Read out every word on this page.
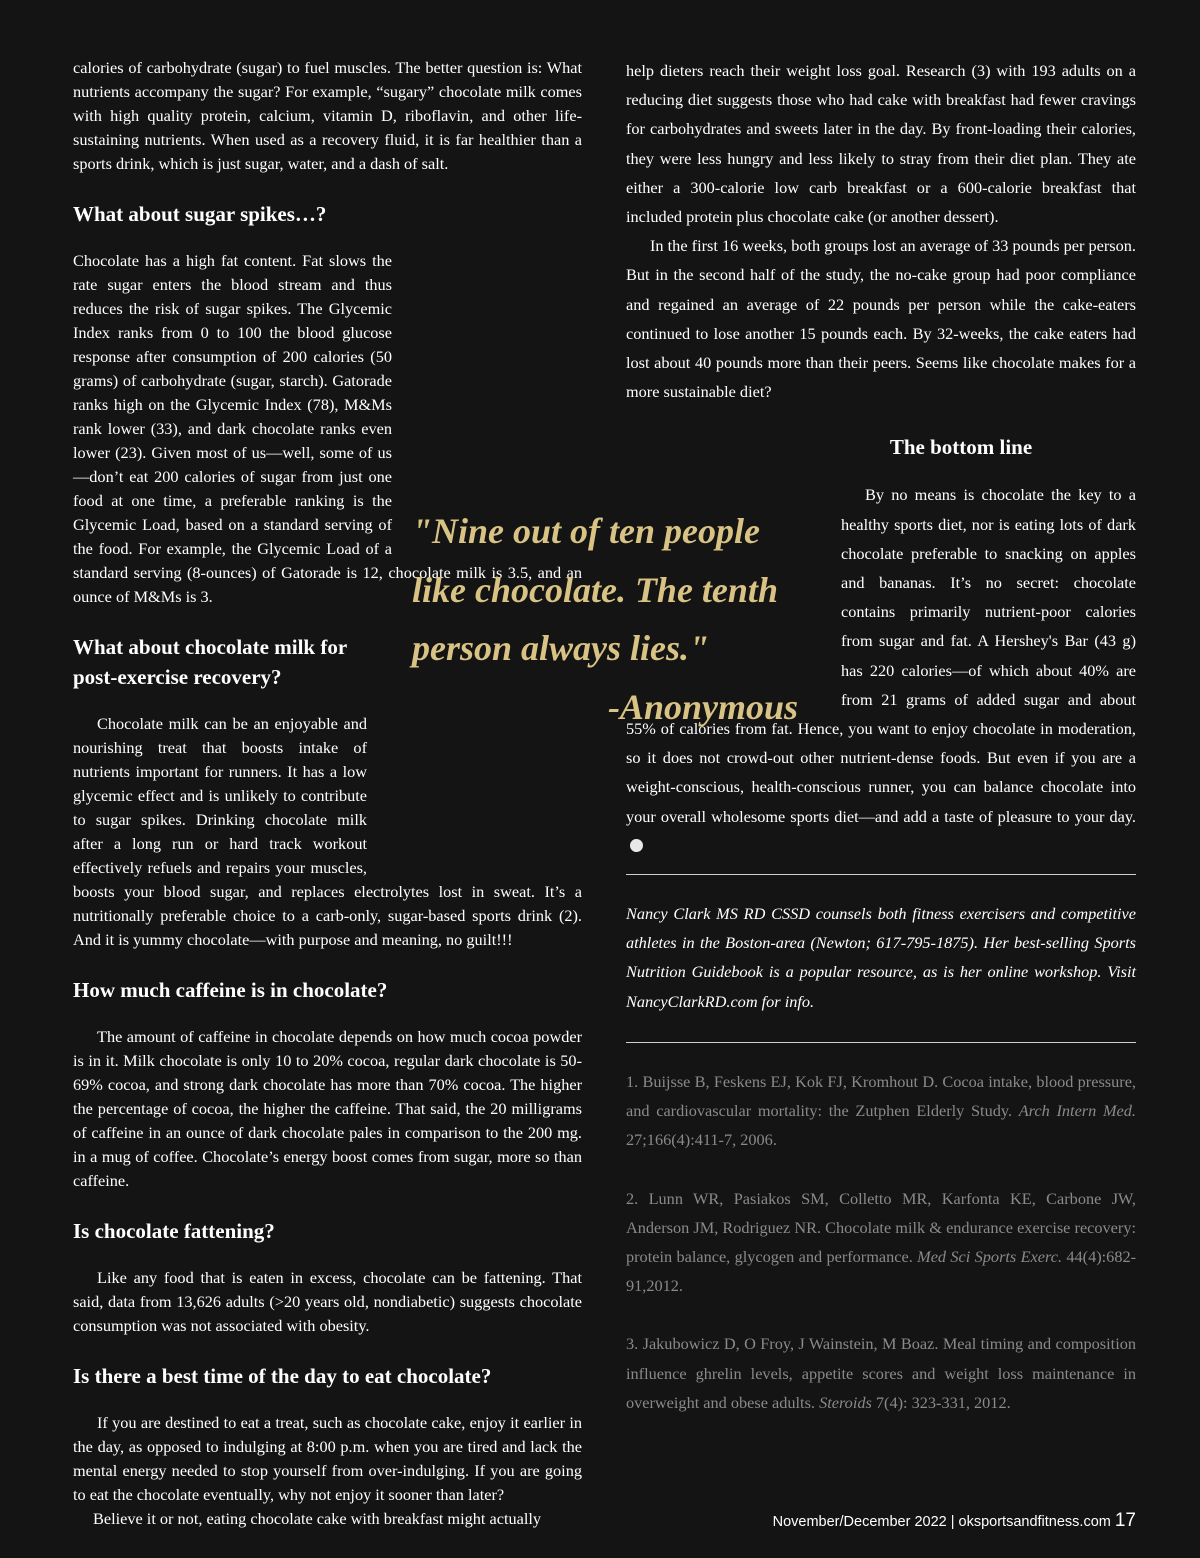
calories of carbohydrate (sugar) to fuel muscles. The better question is: What nutrients accompany the sugar? For example, “sugary” chocolate milk comes with high quality protein, calcium, vitamin D, riboflavin, and other life-sustaining nutrients. When used as a recovery fluid, it is far healthier than a sports drink, which is just sugar, water, and a dash of salt.

What about sugar spikes…?

Chocolate has a high fat content. Fat slows the rate sugar enters the blood stream and thus reduces the risk of sugar spikes. The Glycemic Index ranks from 0 to 100 the blood glucose response after consumption of 200 calories (50 grams) of carbohydrate (sugar, starch). Gatorade ranks high on the Glycemic Index (78), M&Ms rank lower (33), and dark chocolate ranks even lower (23). Given most of us—well, some of us—don’t eat 200 calories of sugar from just one food at one time, a preferable ranking is the Glycemic Load, based on a standard serving of the food. For example, the Glycemic Load of a standard serving (8-ounces) of Gatorade is 12, chocolate milk is 3.5, and an ounce of M&Ms is 3.

What about chocolate milk for post-exercise recovery?

Chocolate milk can be an enjoyable and nourishing treat that boosts intake of nutrients important for runners. It has a low glycemic effect and is unlikely to contribute to sugar spikes. Drinking chocolate milk after a long run or hard track workout effectively refuels and repairs your muscles, boosts your blood sugar, and replaces electrolytes lost in sweat. It’s a nutritionally preferable choice to a carb-only, sugar-based sports drink (2). And it is yummy chocolate—with purpose and meaning, no guilt!!!

How much caffeine is in chocolate?

The amount of caffeine in chocolate depends on how much cocoa powder is in it. Milk chocolate is only 10 to 20% cocoa, regular dark chocolate is 50-69% cocoa, and strong dark chocolate has more than 70% cocoa. The higher the percentage of cocoa, the higher the caffeine. That said, the 20 milligrams of caffeine in an ounce of dark chocolate pales in comparison to the 200 mg. in a mug of coffee. Chocolate’s energy boost comes from sugar, more so than caffeine.

Is chocolate fattening?

Like any food that is eaten in excess, chocolate can be fattening. That said, data from 13,626 adults (>20 years old, nondiabetic) suggests chocolate consumption was not associated with obesity.

Is there a best time of the day to eat chocolate?

If you are destined to eat a treat, such as chocolate cake, enjoy it earlier in the day, as opposed to indulging at 8:00 p.m. when you are tired and lack the mental energy needed to stop yourself from over-indulging. If you are going to eat the chocolate eventually, why not enjoy it sooner than later?

Believe it or not, eating chocolate cake with breakfast might actually

help dieters reach their weight loss goal. Research (3) with 193 adults on a reducing diet suggests those who had cake with breakfast had fewer cravings for carbohydrates and sweets later in the day. By front-loading their calories, they were less hungry and less likely to stray from their diet plan. They ate either a 300-calorie low carb breakfast or a 600-calorie breakfast that included protein plus chocolate cake (or another dessert).

In the first 16 weeks, both groups lost an average of 33 pounds per person. But in the second half of the study, the no-cake group had poor compliance and regained an average of 22 pounds per person while the cake-eaters continued to lose another 15 pounds each. By 32-weeks, the cake eaters had lost about 40 pounds more than their peers. Seems like chocolate makes for a more sustainable diet?

The bottom line

By no means is chocolate the key to a healthy sports diet, nor is eating lots of dark chocolate preferable to snacking on apples and bananas. It’s no secret: chocolate contains primarily nutrient-poor calories from sugar and fat. A Hershey's Bar (43 g) has 220 calories—of which about 40% are from 21 grams of added sugar and about 55% of calories from fat. Hence, you want to enjoy chocolate in moderation, so it does not crowd-out other nutrient-dense foods. But even if you are a weight-conscious, health-conscious runner, you can balance chocolate into your overall wholesome sports diet—and add a taste of pleasure to your day.

Nancy Clark MS RD CSSD counsels both fitness exercisers and competitive athletes in the Boston-area (Newton; 617-795-1875). Her best-selling Sports Nutrition Guidebook is a popular resource, as is her online workshop. Visit NancyClarkRD.com for info.

1. Buijsse B, Feskens EJ, Kok FJ, Kromhout D. Cocoa intake, blood pressure, and cardiovascular mortality: the Zutphen Elderly Study. Arch Intern Med. 27;166(4):411-7, 2006.

2. Lunn WR, Pasiakos SM, Colletto MR, Karfonta KE, Carbone JW, Anderson JM, Rodriguez NR. Chocolate milk & endurance exercise recovery: protein balance, glycogen and performance. Med Sci Sports Exerc. 44(4):682-91,2012.

3. Jakubowicz D, O Froy, J Wainstein, M Boaz. Meal timing and composition influence ghrelin levels, appetite scores and weight loss maintenance in overweight and obese adults. Steroids 7(4): 323-331, 2012.

"Nine out of ten people
like chocolate. The tenth
person always lies."
-Anonymous
November/December 2022 | oksportsandfitness.com 17
